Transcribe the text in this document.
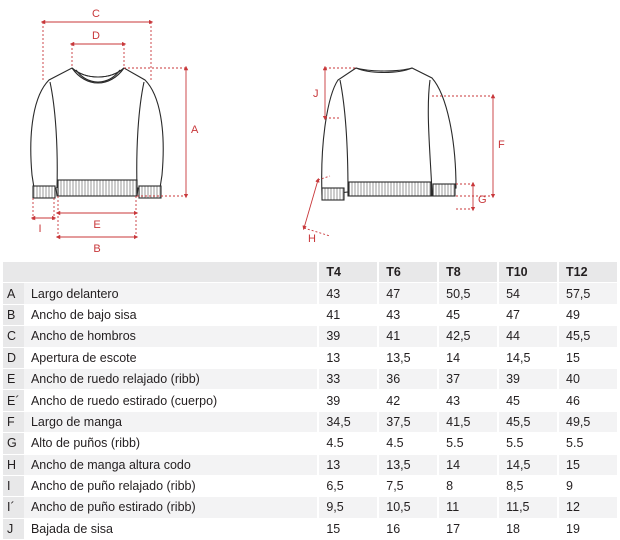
C
D
A
E
B
I
J
F
G
H
		T4	T6	T8	T10	T12
A	Largo delantero	43	47	50,5	54	57,5
B	Ancho de bajo sisa	41	43	45	47	49
C	Ancho de hombros	39	41	42,5	44	45,5
D	Apertura de escote	13	13,5	14	14,5	15
E	Ancho de ruedo relajado (ribb)	33	36	37	39	40
E´	Ancho de ruedo estirado (cuerpo)	39	42	43	45	46
F	Largo de manga	34,5	37,5	41,5	45,5	49,5
G	Alto de puños (ribb)	4.5	4.5	5.5	5.5	5.5
H	Ancho de manga altura codo	13	13,5	14	14,5	15
I	Ancho de puño relajado (ribb)	6,5	7,5	8	8,5	9
I´	Ancho de puño estirado (ribb)	9,5	10,5	11	11,5	12
J	Bajada de sisa	15	16	17	18	19
